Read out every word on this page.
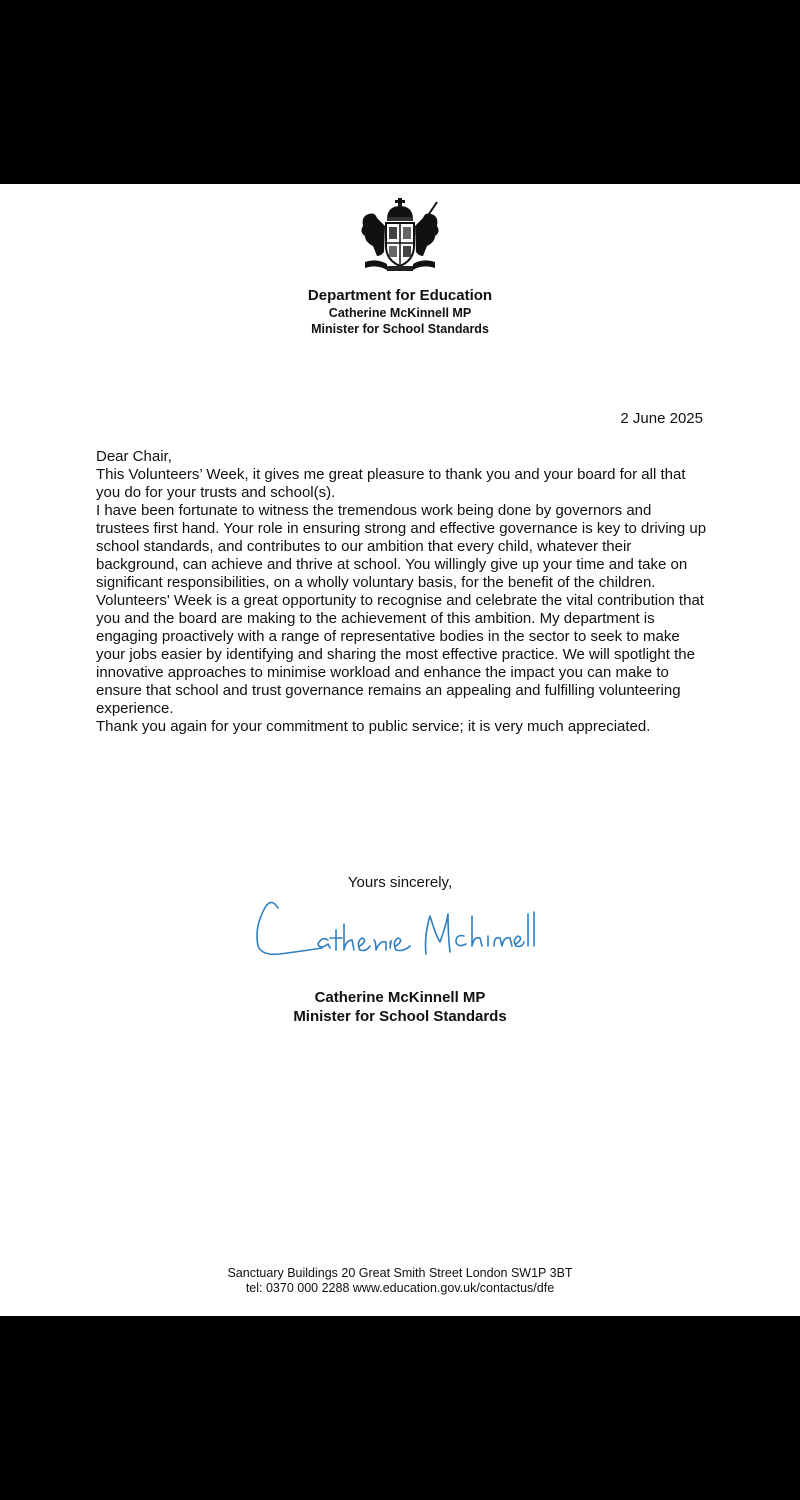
Department for Education
Catherine McKinnell MP
Minister for School Standards
2 June 2025

Dear Chair,

This Volunteers’ Week, it gives me great pleasure to thank you and your board for all that you do for your trusts and school(s).

I have been fortunate to witness the tremendous work being done by governors and trustees first hand. Your role in ensuring strong and effective governance is key to driving up school standards, and contributes to our ambition that every child, whatever their background, can achieve and thrive at school. You willingly give up your time and take on significant responsibilities, on a wholly voluntary basis, for the benefit of the children.

Volunteers' Week is a great opportunity to recognise and celebrate the vital contribution that you and the board are making to the achievement of this ambition. My department is engaging proactively with a range of representative bodies in the sector to seek to make your jobs easier by identifying and sharing the most effective practice. We will spotlight the innovative approaches to minimise workload and enhance the impact you can make to ensure that school and trust governance remains an appealing and fulfilling volunteering experience.

Thank you again for your commitment to public service; it is very much appreciated.

Yours sincerely,
Catherine McKinnell MP
Minister for School Standards
Sanctuary Buildings 20 Great Smith Street London SW1P 3BT
tel: 0370 000 2288 www.education.gov.uk/contactus/dfe
